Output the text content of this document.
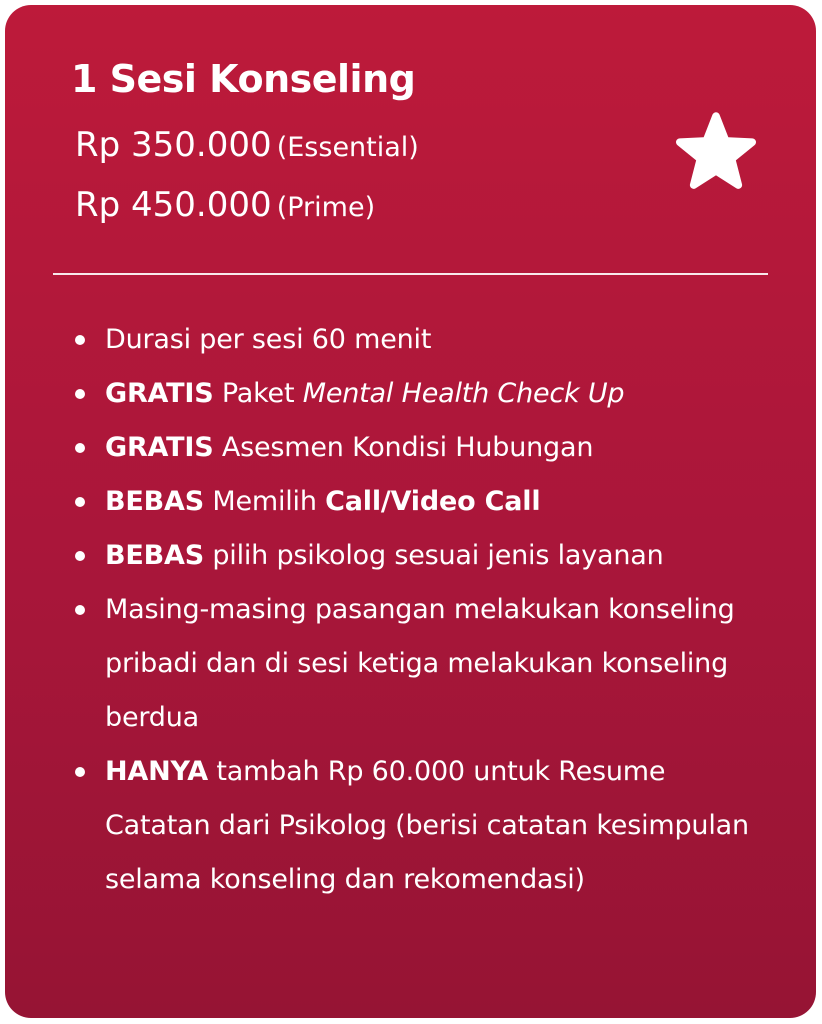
1 Sesi Konseling

Rp 350.000 (Essential)

Rp 450.000 (Prime)

Durasi per sesi 60 menit
GRATIS Paket Mental Health Check Up
GRATIS Asesmen Kondisi Hubungan
BEBAS Memilih Call/Video Call
BEBAS pilih psikolog sesuai jenis layanan
Masing-masing pasangan melakukan konseling pribadi dan di sesi ketiga melakukan konseling berdua
HANYA tambah Rp 60.000 untuk Resume Catatan dari Psikolog (berisi catatan kesimpulan selama konseling dan rekomendasi)
